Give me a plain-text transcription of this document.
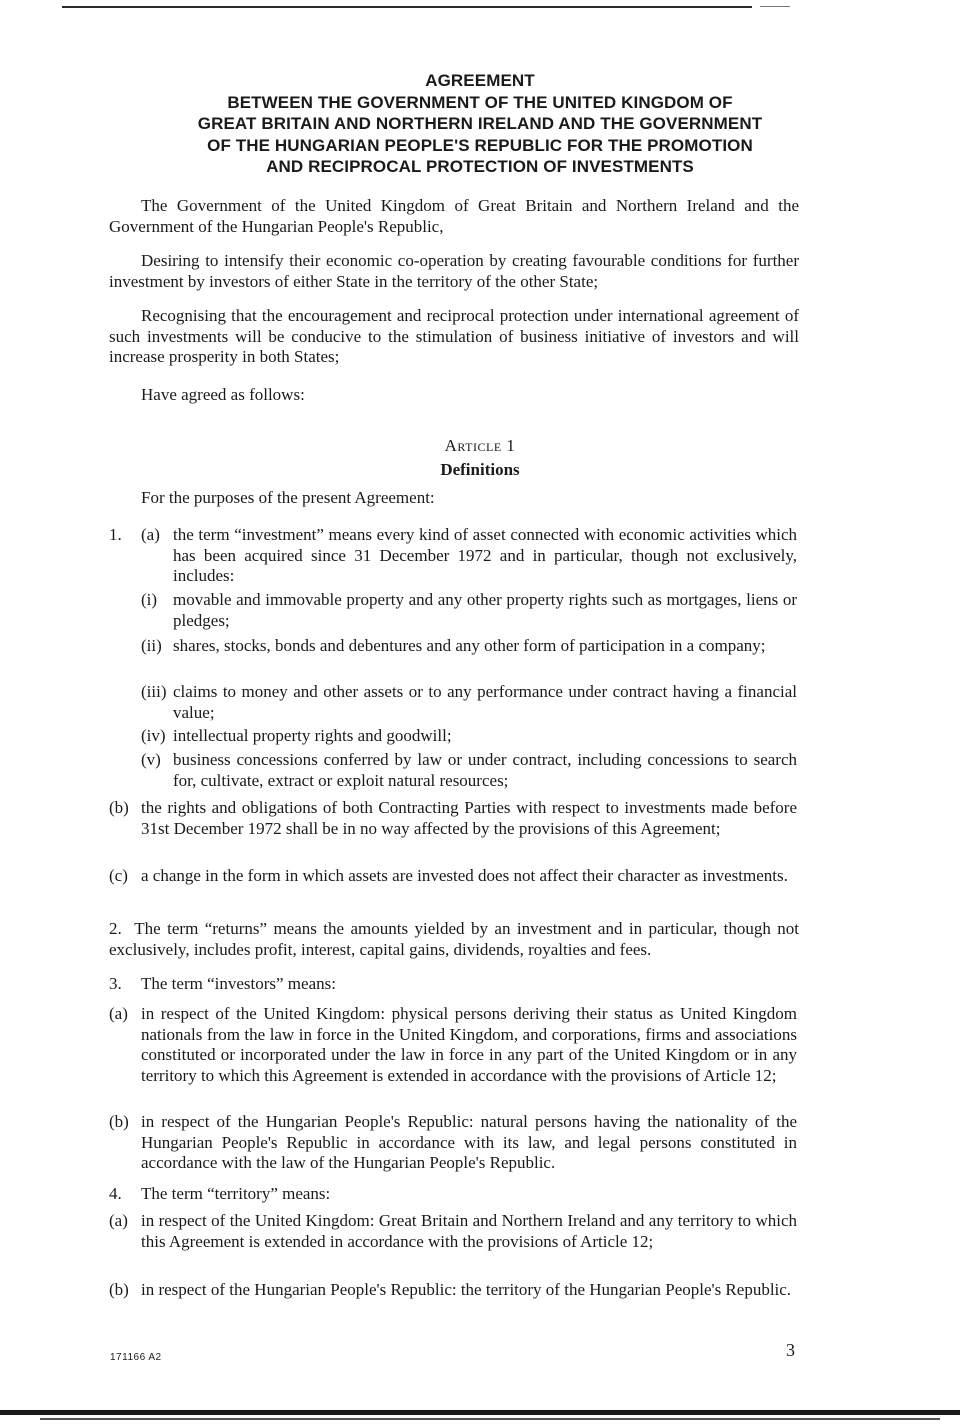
AGREEMENT
BETWEEN THE GOVERNMENT OF THE UNITED KINGDOM OF
GREAT BRITAIN AND NORTHERN IRELAND AND THE GOVERNMENT
OF THE HUNGARIAN PEOPLE'S REPUBLIC FOR THE PROMOTION
AND RECIPROCAL PROTECTION OF INVESTMENTS
The Government of the United Kingdom of Great Britain and Northern Ireland and the Government of the Hungarian People's Republic,
Desiring to intensify their economic co-operation by creating favourable conditions for further investment by investors of either State in the territory of the other State;
Recognising that the encouragement and reciprocal protection under international agreement of such investments will be conducive to the stimulation of business initiative of investors and will increase prosperity in both States;
Have agreed as follows:
Article 1
Definitions
For the purposes of the present Agreement:
1. (a) the term “investment” means every kind of asset connected with economic activities which has been acquired since 31 December 1972 and in particular, though not exclusively, includes:
(i) movable and immovable property and any other property rights such as mortgages, liens or pledges;
(ii) shares, stocks, bonds and debentures and any other form of participation in a company;
(iii) claims to money and other assets or to any performance under contract having a financial value;
(iv) intellectual property rights and goodwill;
(v) business concessions conferred by law or under contract, including concessions to search for, cultivate, extract or exploit natural resources;
(b) the rights and obligations of both Contracting Parties with respect to investments made before 31st December 1972 shall be in no way affected by the provisions of this Agreement;
(c) a change in the form in which assets are invested does not affect their character as investments.
2. The term “returns” means the amounts yielded by an investment and in particular, though not exclusively, includes profit, interest, capital gains, dividends, royalties and fees.
3. The term “investors” means:
(a) in respect of the United Kingdom: physical persons deriving their status as United Kingdom nationals from the law in force in the United Kingdom, and corporations, firms and associations constituted or incorporated under the law in force in any part of the United Kingdom or in any territory to which this Agreement is extended in accordance with the provisions of Article 12;
(b) in respect of the Hungarian People's Republic: natural persons having the nationality of the Hungarian People's Republic in accordance with its law, and legal persons constituted in accordance with the law of the Hungarian People's Republic.
4. The term “territory” means:
(a) in respect of the United Kingdom: Great Britain and Northern Ireland and any territory to which this Agreement is extended in accordance with the provisions of Article 12;
(b) in respect of the Hungarian People's Republic: the territory of the Hungarian People's Republic.
171166 A2	3
